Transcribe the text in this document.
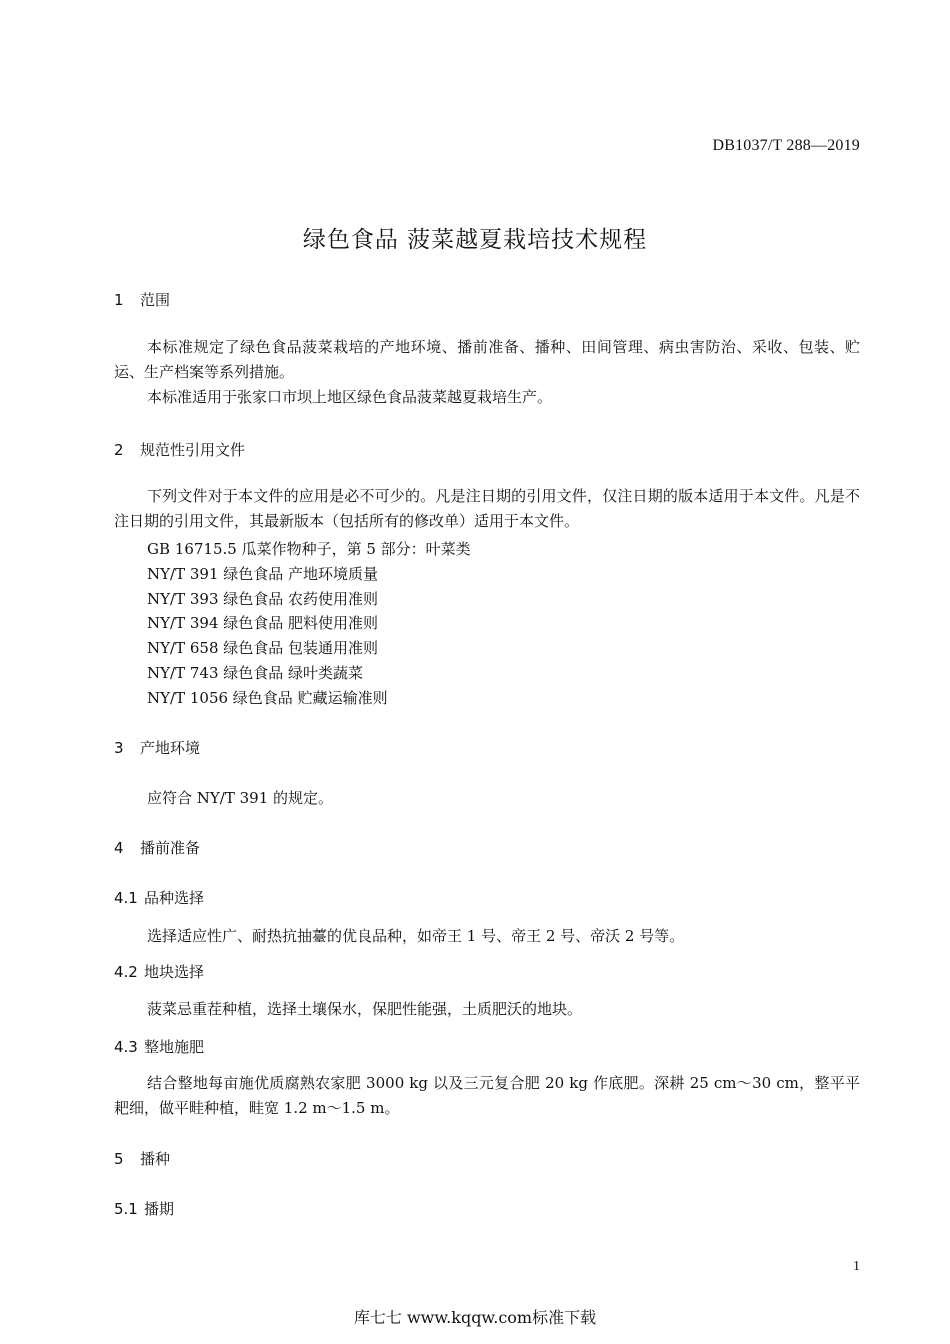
DB1037/T 288—2019
绿色食品 菠菜越夏栽培技术规程
1 范围
本标准规定了绿色食品菠菜栽培的产地环境、播前准备、播种、田间管理、病虫害防治、采收、包装、贮运、生产档案等系列措施。
本标准适用于张家口市坝上地区绿色食品菠菜越夏栽培生产。
2 规范性引用文件
下列文件对于本文件的应用是必不可少的。凡是注日期的引用文件，仅注日期的版本适用于本文件。凡是不注日期的引用文件，其最新版本（包括所有的修改单）适用于本文件。
GB 16715.5 瓜菜作物种子，第 5 部分：叶菜类
NY/T 391 绿色食品 产地环境质量
NY/T 393 绿色食品 农药使用准则
NY/T 394 绿色食品 肥料使用准则
NY/T 658 绿色食品 包装通用准则
NY/T 743 绿色食品 绿叶类蔬菜
NY/T 1056 绿色食品 贮藏运输准则
3 产地环境
应符合 NY/T 391 的规定。
4 播前准备
4.1 品种选择
选择适应性广、耐热抗抽薹的优良品种，如帝王 1 号、帝王 2 号、帝沃 2 号等。
4.2 地块选择
菠菜忌重茬种植，选择土壤保水，保肥性能强，土质肥沃的地块。
4.3 整地施肥
结合整地每亩施优质腐熟农家肥 3000 kg 以及三元复合肥 20 kg 作底肥。深耕 25 cm～30 cm，整平平耙细，做平畦种植，畦宽 1.2 m～1.5 m。
5 播种
5.1 播期
1
库七七 www.kqqw.com标准下载
